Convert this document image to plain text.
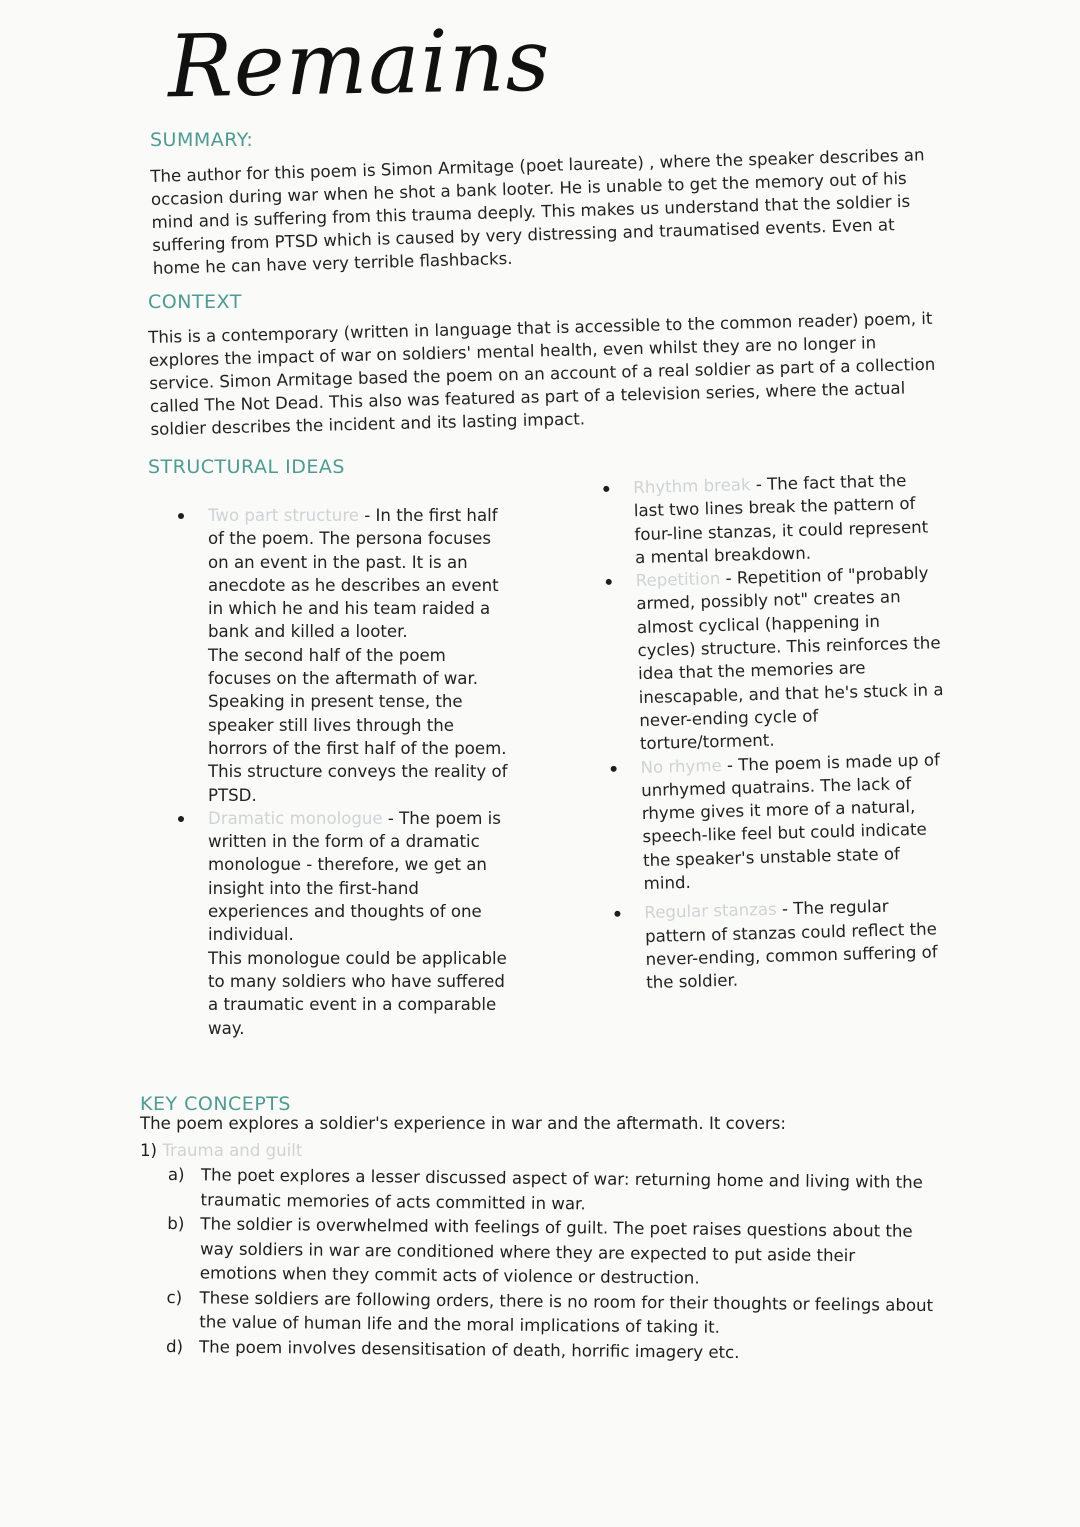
Remains
SUMMARY:

The author for this poem is Simon Armitage (poet laureate) , where the speaker describes an occasion during war when he shot a bank looter. He is unable to get the memory out of his mind and is suffering from this trauma deeply. This makes us understand that the soldier is suffering from PTSD which is caused by very distressing and traumatised events. Even at home he can have very terrible flashbacks.

CONTEXT

This is a contemporary (written in language that is accessible to the common reader) poem, it explores the impact of war on soldiers' mental health, even whilst they are no longer in service. Simon Armitage based the poem on an account of a real soldier as part of a collection called The Not Dead. This also was featured as part of a television series, where the actual soldier describes the incident and its lasting impact.

STRUCTURAL IDEAS
Two part structure - In the first half of the poem. The persona focuses on an event in the past. It is an anecdote as he describes an event in which he and his team raided a bank and killed a looter.
The second half of the poem focuses on the aftermath of war. Speaking in present tense, the speaker still lives through the horrors of the first half of the poem. This structure conveys the reality of PTSD.
Dramatic monologue - The poem is written in the form of a dramatic monologue - therefore, we get an insight into the first-hand experiences and thoughts of one individual.
This monologue could be applicable to many soldiers who have suffered a traumatic event in a comparable way.
Rhythm break - The fact that the last two lines break the pattern of four-line stanzas, it could represent a mental breakdown.
Repetition - Repetition of "probably armed, possibly not" creates an almost cyclical (happening in cycles) structure. This reinforces the idea that the memories are inescapable, and that he's stuck in a never-ending cycle of torture/torment.
No rhyme - The poem is made up of unrhymed quatrains. The lack of rhyme gives it more of a natural, speech-like feel but could indicate the speaker's unstable state of mind.
Regular stanzas - The regular pattern of stanzas could reflect the never-ending, common suffering of the soldier.
KEY CONCEPTS

The poem explores a soldier's experience in war and the aftermath. It covers:

1) Trauma and guilt
a) The poet explores a lesser discussed aspect of war: returning home and living with the traumatic memories of acts committed in war.
b) The soldier is overwhelmed with feelings of guilt. The poet raises questions about the way soldiers in war are conditioned where they are expected to put aside their emotions when they commit acts of violence or destruction.
c) These soldiers are following orders, there is no room for their thoughts or feelings about the value of human life and the moral implications of taking it.
d) The poem involves desensitisation of death, horrific imagery etc.
